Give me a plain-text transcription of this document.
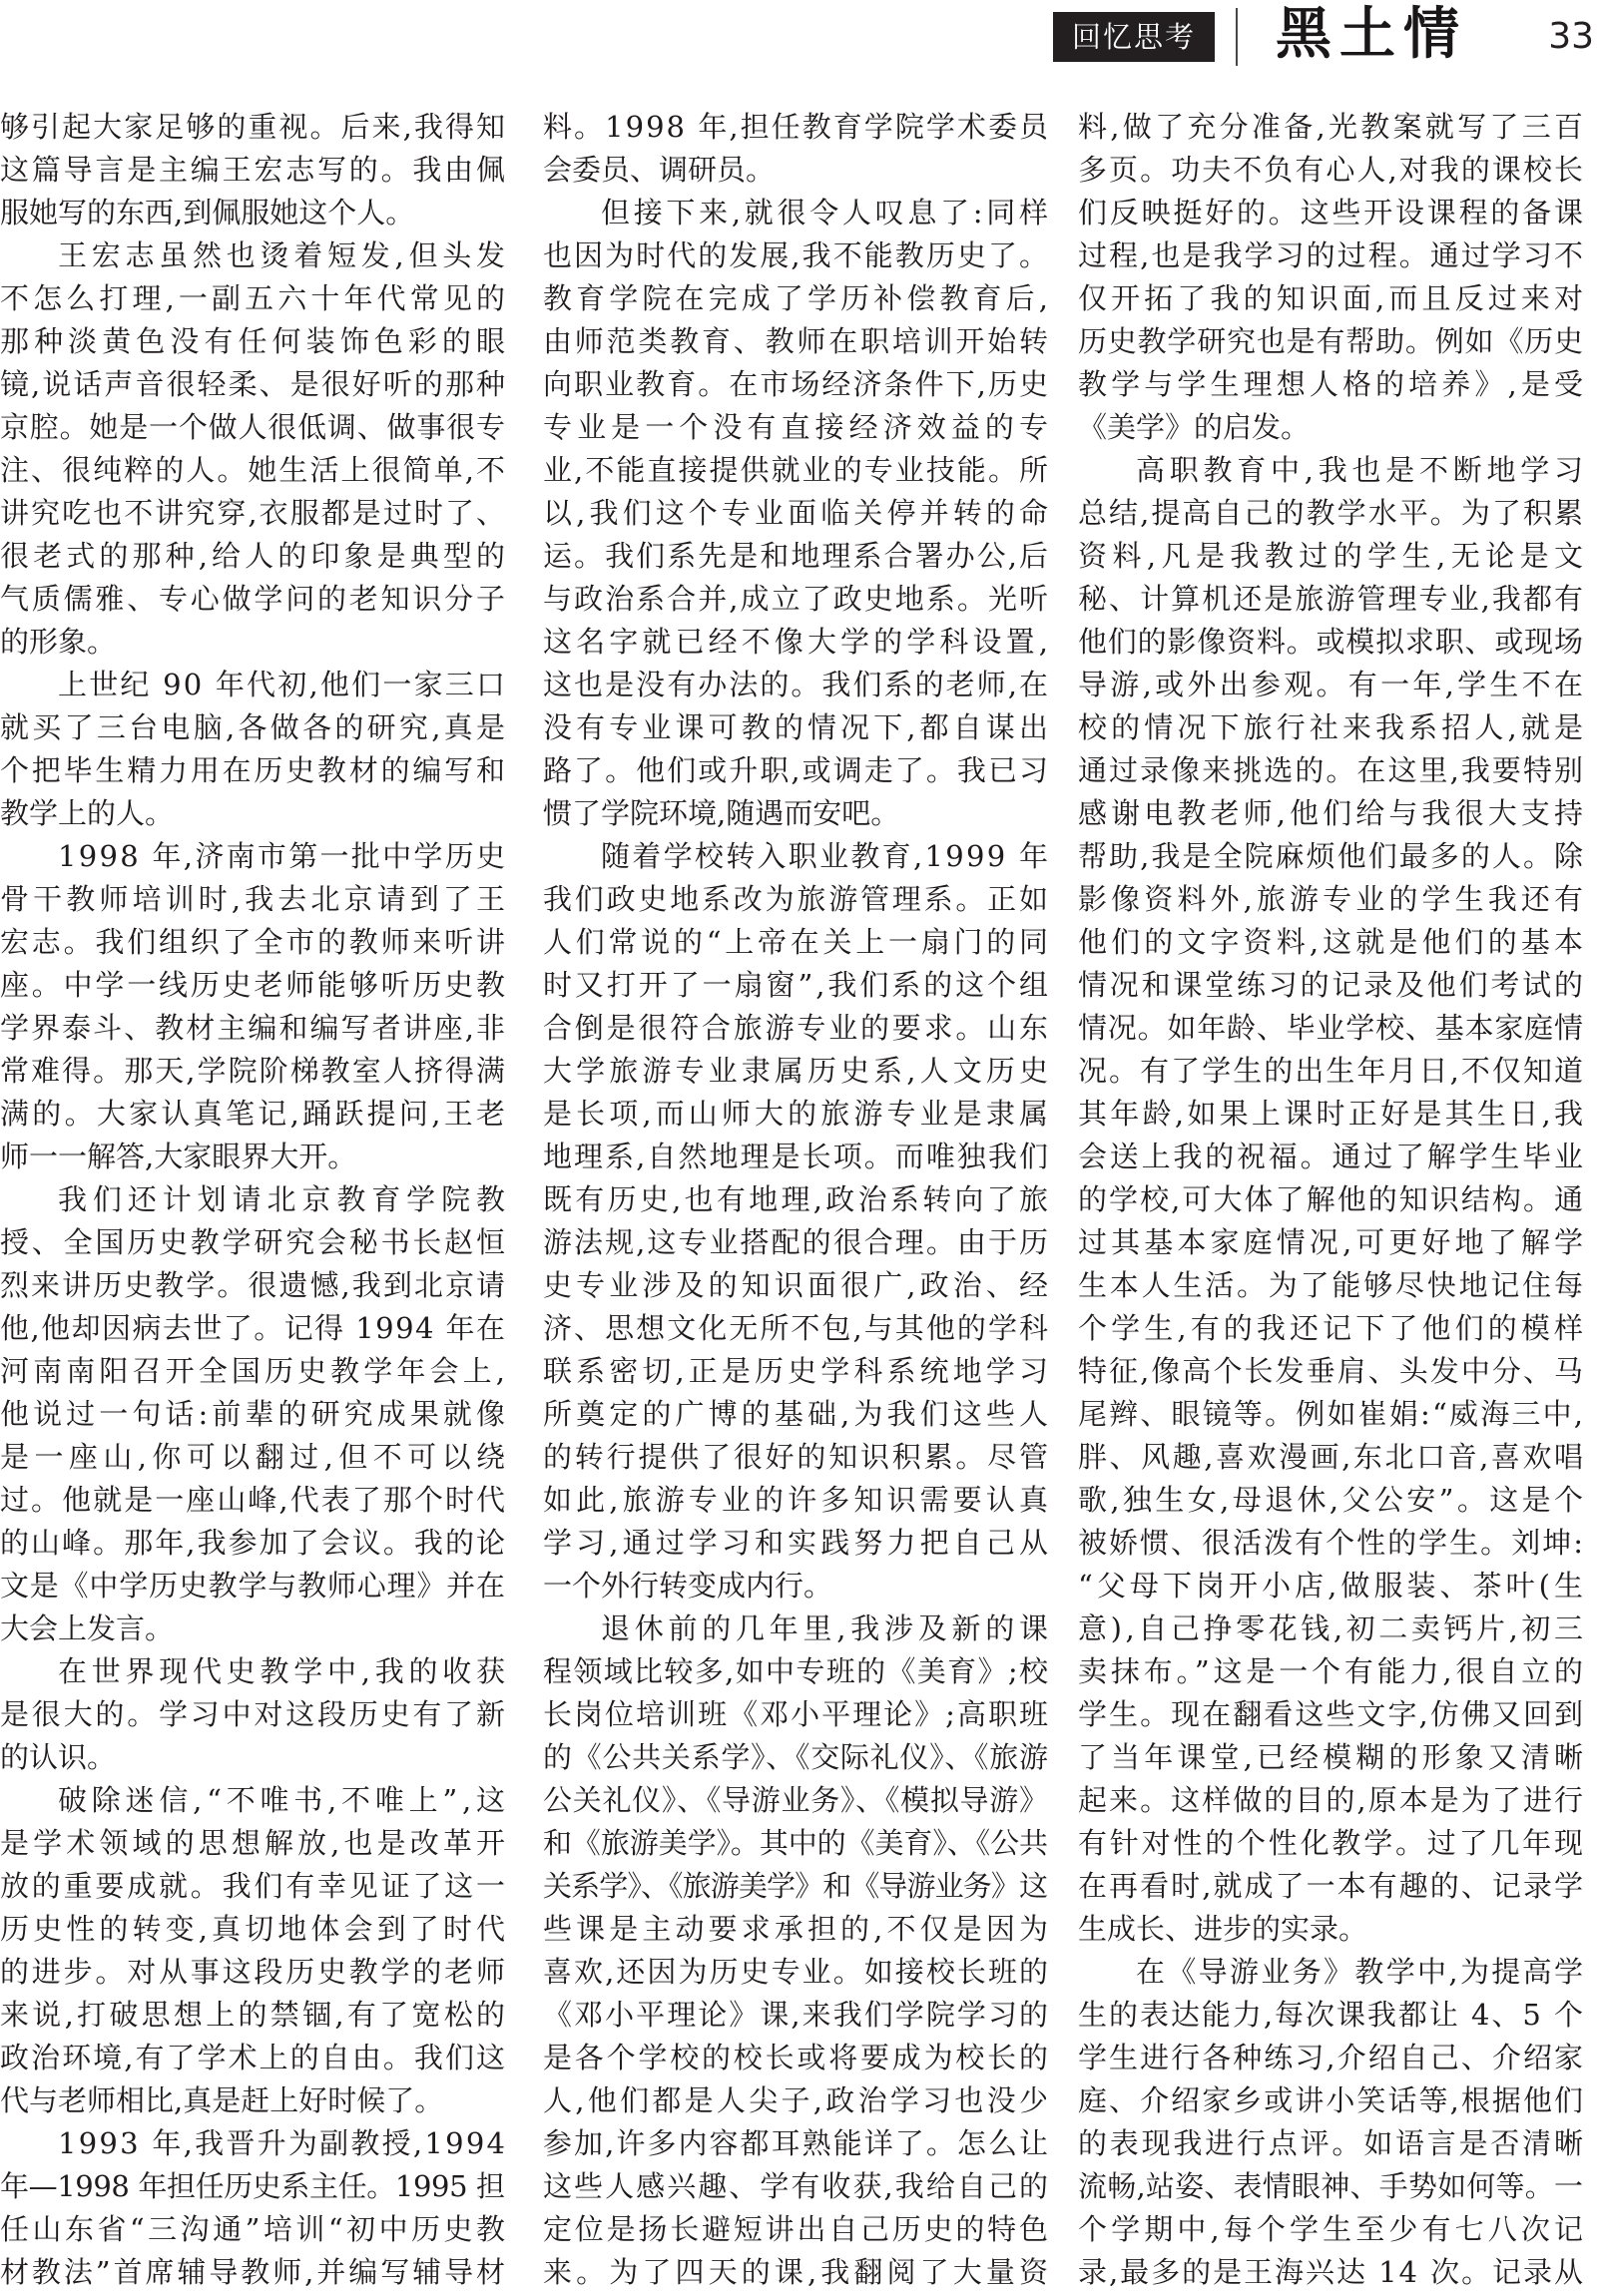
回忆思考	黑土情 33
够引起大家足够的重视。后来,我得知
这篇导言是主编王宏志写的。我由佩
服她写的东西,到佩服她这个人。
王宏志虽然也烫着短发,但头发
不怎么打理,一副五六十年代常见的
那种淡黄色没有任何装饰色彩的眼
镜,说话声音很轻柔、是很好听的那种
京腔。她是一个做人很低调、做事很专
注、很纯粹的人。她生活上很简单,不
讲究吃也不讲究穿,衣服都是过时了、
很老式的那种,给人的印象是典型的
气质儒雅、专心做学问的老知识分子
的形象。
上世纪 90 年代初,他们一家三口
就买了三台电脑,各做各的研究,真是
个把毕生精力用在历史教材的编写和
教学上的人。
1998 年,济南市第一批中学历史
骨干教师培训时,我去北京请到了王
宏志。我们组织了全市的教师来听讲
座。中学一线历史老师能够听历史教
学界泰斗、教材主编和编写者讲座,非
常难得。那天,学院阶梯教室人挤得满
满的。大家认真笔记,踊跃提问,王老
师一一解答,大家眼界大开。
我们还计划请北京教育学院教
授、全国历史教学研究会秘书长赵恒
烈来讲历史教学。很遗憾,我到北京请
他,他却因病去世了。记得 1994 年在
河南南阳召开全国历史教学年会上,
他说过一句话:前辈的研究成果就像
是一座山,你可以翻过,但不可以绕
过。他就是一座山峰,代表了那个时代
的山峰。那年,我参加了会议。我的论
文是《中学历史教学与教师心理》并在
大会上发言。
在世界现代史教学中,我的收获
是很大的。学习中对这段历史有了新
的认识。
破除迷信,“不唯书,不唯上”,这
是学术领域的思想解放,也是改革开
放的重要成就。我们有幸见证了这一
历史性的转变,真切地体会到了时代
的进步。对从事这段历史教学的老师
来说,打破思想上的禁锢,有了宽松的
政治环境,有了学术上的自由。我们这
代与老师相比,真是赶上好时候了。
1993 年,我晋升为副教授,1994
年—1998 年担任历史系主任。1995 担
任山东省“三沟通”培训“初中历史教
材教法”首席辅导教师,并编写辅导材
料。1998 年,担任教育学院学术委员
会委员、调研员。
但接下来,就很令人叹息了:同样
也因为时代的发展,我不能教历史了。
教育学院在完成了学历补偿教育后,
由师范类教育、教师在职培训开始转
向职业教育。在市场经济条件下,历史
专业是一个没有直接经济效益的专
业,不能直接提供就业的专业技能。所
以,我们这个专业面临关停并转的命
运。我们系先是和地理系合署办公,后
与政治系合并,成立了政史地系。光听
这名字就已经不像大学的学科设置,
这也是没有办法的。我们系的老师,在
没有专业课可教的情况下,都自谋出
路了。他们或升职,或调走了。我已习
惯了学院环境,随遇而安吧。
随着学校转入职业教育,1999 年
我们政史地系改为旅游管理系。正如
人们常说的“上帝在关上一扇门的同
时又打开了一扇窗”,我们系的这个组
合倒是很符合旅游专业的要求。山东
大学旅游专业隶属历史系,人文历史
是长项,而山师大的旅游专业是隶属
地理系,自然地理是长项。而唯独我们
既有历史,也有地理,政治系转向了旅
游法规,这专业搭配的很合理。由于历
史专业涉及的知识面很广,政治、经
济、思想文化无所不包,与其他的学科
联系密切,正是历史学科系统地学习
所奠定的广博的基础,为我们这些人
的转行提供了很好的知识积累。尽管
如此,旅游专业的许多知识需要认真
学习,通过学习和实践努力把自己从
一个外行转变成内行。
退休前的几年里,我涉及新的课
程领域比较多,如中专班的《美育》;校
长岗位培训班《邓小平理论》;高职班
的《公共关系学》、《交际礼仪》、《旅游
公关礼仪》、《导游业务》、《模拟导游》
和《旅游美学》。其中的《美育》、《公共
关系学》、《旅游美学》和《导游业务》这
些课是主动要求承担的,不仅是因为
喜欢,还因为历史专业。如接校长班的
《邓小平理论》课,来我们学院学习的
是各个学校的校长或将要成为校长的
人,他们都是人尖子,政治学习也没少
参加,许多内容都耳熟能详了。怎么让
这些人感兴趣、学有收获,我给自己的
定位是扬长避短讲出自己历史的特色
来。为了四天的课,我翻阅了大量资
料,做了充分准备,光教案就写了三百
多页。功夫不负有心人,对我的课校长
们反映挺好的。这些开设课程的备课
过程,也是我学习的过程。通过学习不
仅开拓了我的知识面,而且反过来对
历史教学研究也是有帮助。例如《历史
教学与学生理想人格的培养》,是受
《美学》的启发。
高职教育中,我也是不断地学习
总结,提高自己的教学水平。为了积累
资料,凡是我教过的学生,无论是文
秘、计算机还是旅游管理专业,我都有
他们的影像资料。或模拟求职、或现场
导游,或外出参观。有一年,学生不在
校的情况下旅行社来我系招人,就是
通过录像来挑选的。在这里,我要特别
感谢电教老师,他们给与我很大支持
帮助,我是全院麻烦他们最多的人。除
影像资料外,旅游专业的学生我还有
他们的文字资料,这就是他们的基本
情况和课堂练习的记录及他们考试的
情况。如年龄、毕业学校、基本家庭情
况。有了学生的出生年月日,不仅知道
其年龄,如果上课时正好是其生日,我
会送上我的祝福。通过了解学生毕业
的学校,可大体了解他的知识结构。通
过其基本家庭情况,可更好地了解学
生本人生活。为了能够尽快地记住每
个学生,有的我还记下了他们的模样
特征,像高个长发垂肩、头发中分、马
尾辫、眼镜等。例如崔娟:“威海三中,
胖、风趣,喜欢漫画,东北口音,喜欢唱
歌,独生女,母退休,父公安”。这是个
被娇惯、很活泼有个性的学生。刘坤:
“父母下岗开小店,做服装、茶叶(生
意),自己挣零花钱,初二卖钙片,初三
卖抹布。”这是一个有能力,很自立的
学生。现在翻看这些文字,仿佛又回到
了当年课堂,已经模糊的形象又清晰
起来。这样做的目的,原本是为了进行
有针对性的个性化教学。过了几年现
在再看时,就成了一本有趣的、记录学
生成长、进步的实录。
在《导游业务》教学中,为提高学
生的表达能力,每次课我都让 4、5 个
学生进行各种练习,介绍自己、介绍家
庭、介绍家乡或讲小笑话等,根据他们
的表现我进行点评。如语言是否清晰
流畅,站姿、表情眼神、手势如何等。一
个学期中,每个学生至少有七八次记
录,最多的是王海兴达 14 次。记录从
